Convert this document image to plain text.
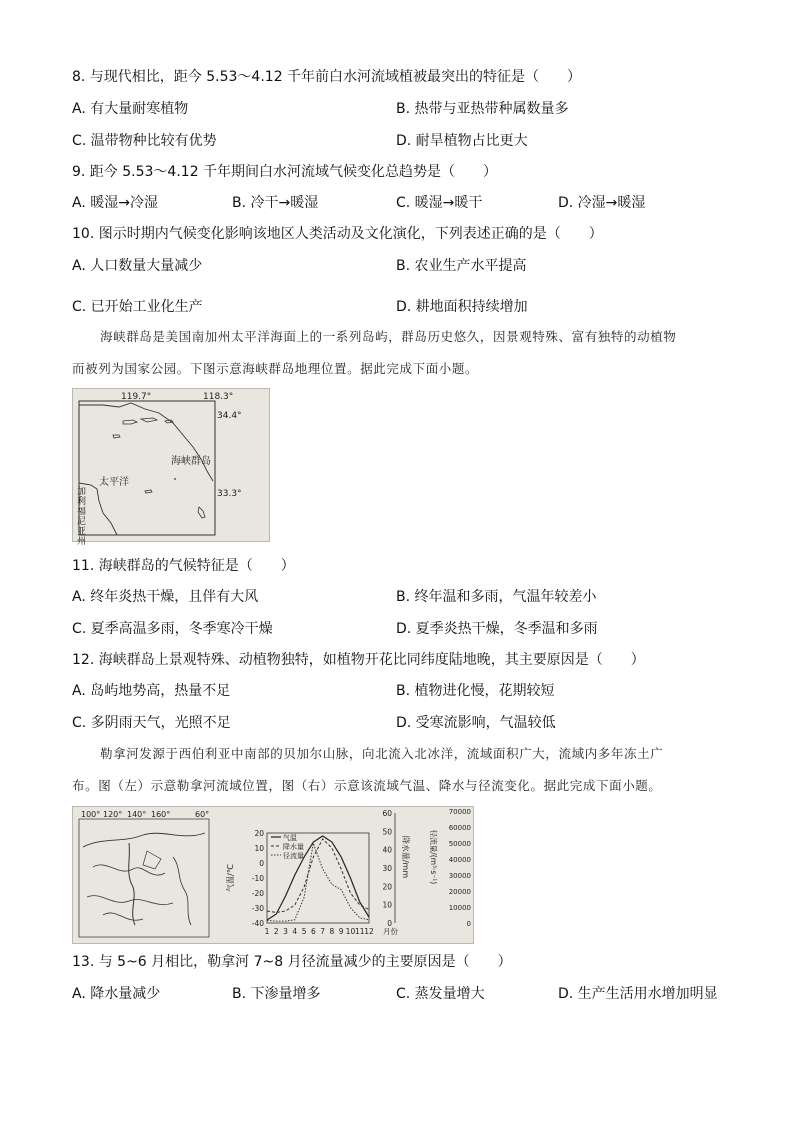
8. 与现代相比，距今 5.53～4.12 千年前白水河流域植被最突出的特征是（　　）
A. 有大量耐寒植物	B. 热带与亚热带种属数量多
C. 温带物种比较有优势	D. 耐旱植物占比更大
9. 距今 5.53～4.12 千年期间白水河流域气候变化总趋势是（　　）
A. 暖湿→冷湿	B. 冷干→暖湿	C. 暖湿→暖干	D. 冷湿→暖湿
10. 图示时期内气候变化影响该地区人类活动及文化演化，下列表述正确的是（　　）
A. 人口数量大量减少	B. 农业生产水平提高
C. 已开始工业化生产	D. 耕地面积持续增加
海峡群岛是美国南加州太平洋海面上的一系列岛屿，群岛历史悠久，因景观特殊、富有独特的动植物
而被列为国家公园。下图示意海峡群岛地理位置。据此完成下面小题。
119.7°	118.3°
34.4°
33.3°
海峡群岛
太平洋
加利福尼亚州
11. 海峡群岛的气候特征是（　　）
A. 终年炎热干燥，且伴有大风	B. 终年温和多雨，气温年较差小
C. 夏季高温多雨，冬季寒冷干燥	D. 夏季炎热干燥，冬季温和多雨
12. 海峡群岛上景观特殊、动植物独特，如植物开花比同纬度陆地晚，其主要原因是（　　）
A. 岛屿地势高，热量不足	B. 植物进化慢，花期较短
C. 多阴雨天气，光照不足	D. 受寒流影响，气温较低
勒拿河发源于西伯利亚中南部的贝加尔山脉，向北流入北冰洋，流域面积广大，流域内多年冻土广
布。图（左）示意勒拿河流域位置，图（右）示意该流域气温、降水与径流变化。据此完成下面小题。
100° 120° 140° 160°	60°
20
10
0
-10
-20
-30
-40
气温/℃
60
50
40
30
20
10
0
降水量/mm
70000
60000
50000
40000
30000
20000
10000
0
径流量/(m³·s⁻¹)
1 2 3 4 5 6 7 8 9 10 11 12 月份
气温
降水量
径流量
13. 与 5~6 月相比，勒拿河 7~8 月径流量减少的主要原因是（　　）
A. 降水量减少	B. 下渗量增多	C. 蒸发量增大	D. 生产生活用水增加明显
